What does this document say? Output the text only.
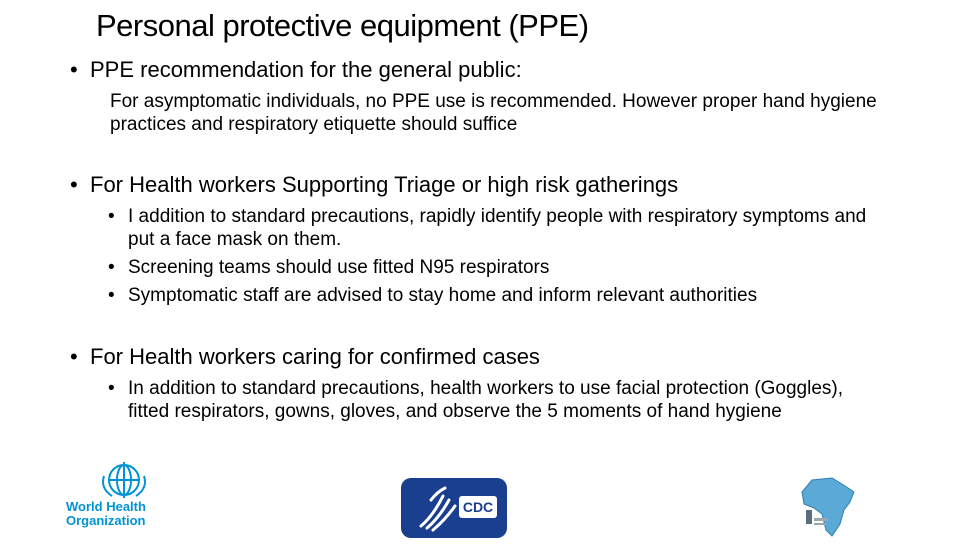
Personal protective equipment (PPE)
• PPE recommendation for the general public:
For asymptomatic individuals, no PPE use is recommended. However proper hand hygiene practices and respiratory etiquette should suffice
• For Health workers Supporting Triage or high risk gatherings
• I addition to standard precautions, rapidly identify people with respiratory symptoms and put a face mask on them.
• Screening teams should use fitted N95 respirators
• Symptomatic staff are advised to stay home and inform relevant authorities
• For Health workers caring for confirmed cases
• In addition to standard precautions, health workers to use facial protection (Goggles), fitted respirators, gowns, gloves, and observe the 5 moments of hand hygiene
World Health
Organization
CDC
